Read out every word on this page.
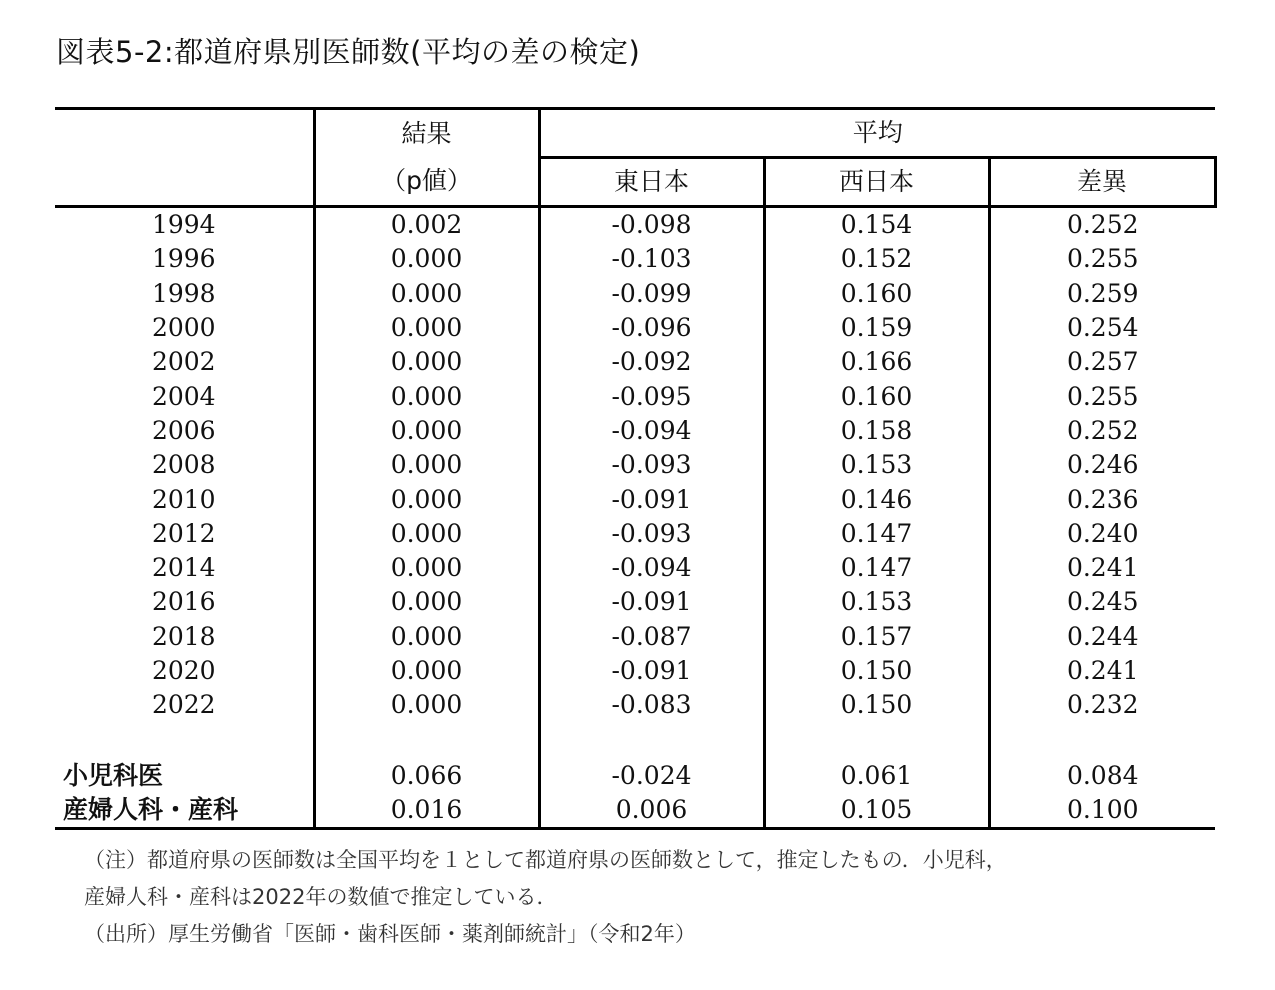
図表5-2:都道府県別医師数(平均の差の検定)
	結果	平均		
	（p値）	東日本	西日本	差異
1994	0.002	-0.098	0.154	0.252
1996	0.000	-0.103	0.152	0.255
1998	0.000	-0.099	0.160	0.259
2000	0.000	-0.096	0.159	0.254
2002	0.000	-0.092	0.166	0.257
2004	0.000	-0.095	0.160	0.255
2006	0.000	-0.094	0.158	0.252
2008	0.000	-0.093	0.153	0.246
2010	0.000	-0.091	0.146	0.236
2012	0.000	-0.093	0.147	0.240
2014	0.000	-0.094	0.147	0.241
2016	0.000	-0.091	0.153	0.245
2018	0.000	-0.087	0.157	0.244
2020	0.000	-0.091	0.150	0.241
2022	0.000	-0.083	0.150	0.232

小児科医	0.066	-0.024	0.061	0.084
産婦人科・産科	0.016	0.006	0.105	0.100
（注）都道府県の医師数は全国平均を１として都道府県の医師数として，推定したもの．小児科，
産婦人科・産科は2022年の数値で推定している．
（出所）厚生労働省「医師・歯科医師・薬剤師統計」（令和2年）
